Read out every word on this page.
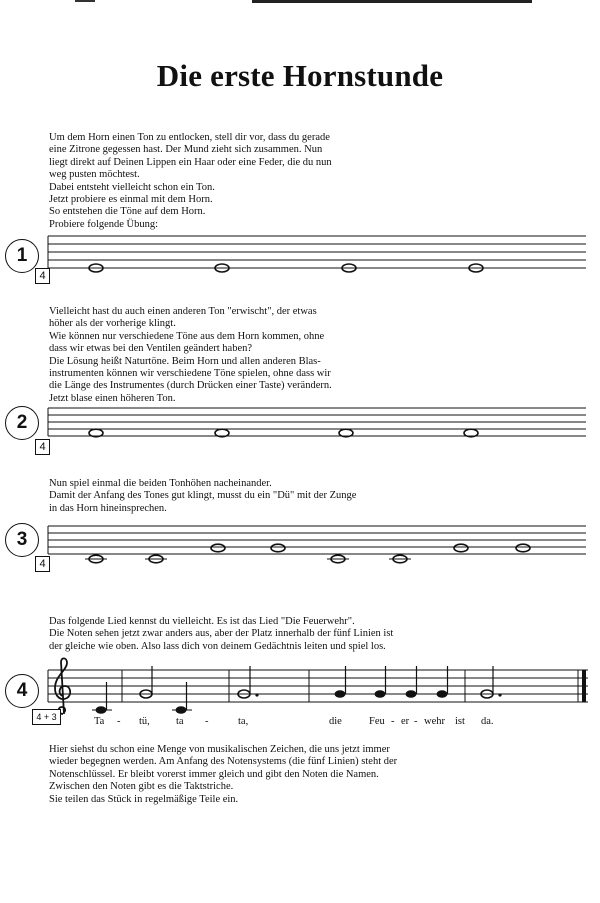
Die erste Hornstunde
Um dem Horn einen Ton zu entlocken, stell dir vor, dass du gerade
eine Zitrone gegessen hast. Der Mund zieht sich zusammen. Nun
liegt direkt auf Deinen Lippen ein Haar oder eine Feder, die du nun
weg pusten möchtest.
Dabei entsteht vielleicht schon ein Ton.
Jetzt probiere es einmal mit dem Horn.
So entstehen die Töne auf dem Horn.
Probiere folgende Übung:
1
4
Vielleicht hast du auch einen anderen Ton "erwischt", der etwas
höher als der vorherige klingt.
Wie können nur verschiedene Töne aus dem Horn kommen, ohne
dass wir etwas bei den Ventilen geändert haben?
Die Lösung heißt Naturtöne. Beim Horn und allen anderen Blas-
instrumenten können wir verschiedene Töne spielen, ohne dass wir
die Länge des Instrumentes (durch Drücken einer Taste) verändern.
Jetzt blase einen höheren Ton.
2
4
Nun spiel einmal die beiden Tonhöhen nacheinander.
Damit der Anfang des Tones gut klingt, musst du ein "Dü" mit der Zunge
in das Horn hineinsprechen.
3
4
Das folgende Lied kennst du vielleicht. Es ist das Lied "Die Feuerwehr".
Die Noten sehen jetzt zwar anders aus, aber der Platz innerhalb der fünf Linien ist
der gleiche wie oben. Also lass dich von deinem Gedächtnis leiten und spiel los.
4
4 + 3	Ta - tü, ta -	ta,	die	Feu - er - wehr ist da.
Hier siehst du schon eine Menge von musikalischen Zeichen, die uns jetzt immer
wieder begegnen werden. Am Anfang des Notensystems (die fünf Linien) steht der
Notenschlüssel. Er bleibt vorerst immer gleich und gibt den Noten die Namen.
Zwischen den Noten gibt es die Taktstriche.
Sie teilen das Stück in regelmäßige Teile ein.
